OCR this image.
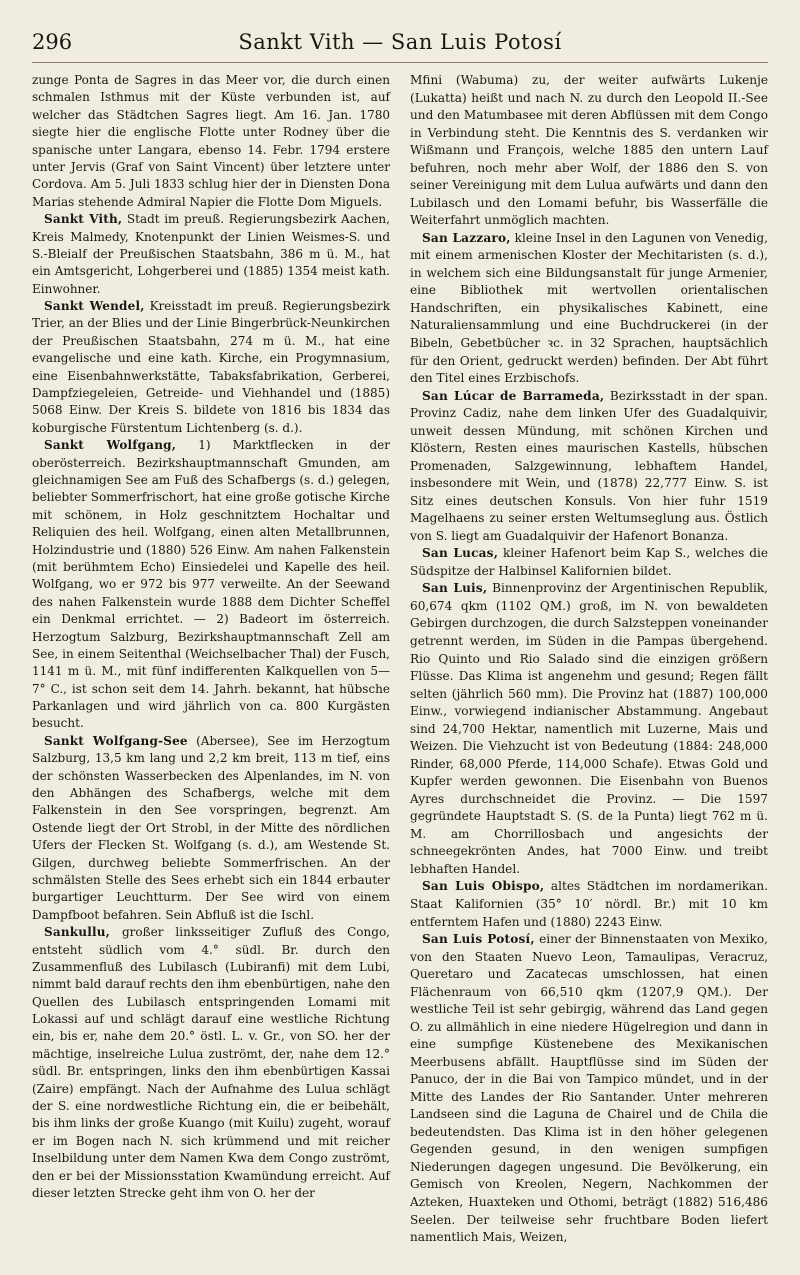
296	Sankt Vith — San Luis Potosí

zunge Ponta de Sagres in das Meer vor, die durch einen schmalen Isthmus mit der Küste verbunden ist, auf welcher das Städtchen Sagres liegt. Am 16. Jan. 1780 siegte hier die englische Flotte unter Rodney über die spanische unter Langara, ebenso 14. Febr. 1794 erstere unter Jervis (Graf von Saint Vincent) über letztere unter Cordova. Am 5. Juli 1833 schlug hier der in Diensten Dona Marias stehende Admiral Napier die Flotte Dom Miguels.

Sankt Vith, Stadt im preuß. Regierungsbezirk Aachen, Kreis Malmedy, Knotenpunkt der Linien Weismes-S. und S.-Bleialf der Preußischen Staatsbahn, 386 m ü. M., hat ein Amtsgericht, Lohgerberei und (1885) 1354 meist kath. Einwohner.

Sankt Wendel, Kreisstadt im preuß. Regierungsbezirk Trier, an der Blies und der Linie Bingerbrück-Neunkirchen der Preußischen Staatsbahn, 274 m ü. M., hat eine evangelische und eine kath. Kirche, ein Progymnasium, eine Eisenbahnwerkstätte, Tabaksfabrikation, Gerberei, Dampfziegeleien, Getreide- und Viehhandel und (1885) 5068 Einw. Der Kreis S. bildete von 1816 bis 1834 das koburgische Fürstentum Lichtenberg (s. d.).

Sankt Wolfgang, 1) Marktflecken in der oberösterreich. Bezirkshauptmannschaft Gmunden, am gleichnamigen See am Fuß des Schafbergs (s. d.) gelegen, beliebter Sommerfrischort, hat eine große gotische Kirche mit schönem, in Holz geschnitztem Hochaltar und Reliquien des heil. Wolfgang, einen alten Metallbrunnen, Holzindustrie und (1880) 526 Einw. Am nahen Falkenstein (mit berühmtem Echo) Einsiedelei und Kapelle des heil. Wolfgang, wo er 972 bis 977 verweilte. An der Seewand des nahen Falkenstein wurde 1888 dem Dichter Scheffel ein Denkmal errichtet. — 2) Badeort im österreich. Herzogtum Salzburg, Bezirkshauptmannschaft Zell am See, in einem Seitenthal (Weichselbacher Thal) der Fusch, 1141 m ü. M., mit fünf indifferenten Kalkquellen von 5—7° C., ist schon seit dem 14. Jahrh. bekannt, hat hübsche Parkanlagen und wird jährlich von ca. 800 Kurgästen besucht.

Sankt Wolfgang-See (Abersee), See im Herzogtum Salzburg, 13,5 km lang und 2,2 km breit, 113 m tief, eins der schönsten Wasserbecken des Alpenlandes, im N. von den Abhängen des Schafbergs, welche mit dem Falkenstein in den See vorspringen, begrenzt. Am Ostende liegt der Ort Strobl, in der Mitte des nördlichen Ufers der Flecken St. Wolfgang (s. d.), am Westende St. Gilgen, durchweg beliebte Sommerfrischen. An der schmälsten Stelle des Sees erhebt sich ein 1844 erbauter burgartiger Leuchtturm. Der See wird von einem Dampfboot befahren. Sein Abfluß ist die Ischl.

Sankullu, großer linksseitiger Zufluß des Congo, entsteht südlich vom 4.° südl. Br. durch den Zusammenfluß des Lubilasch (Lubiranfi) mit dem Lubi, nimmt bald darauf rechts den ihm ebenbürtigen, nahe den Quellen des Lubilasch entspringenden Lomami mit Lokassi auf und schlägt darauf eine westliche Richtung ein, bis er, nahe dem 20.° östl. L. v. Gr., von SO. her der mächtige, inselreiche Lulua zuströmt, der, nahe dem 12.° südl. Br. entspringen, links den ihm ebenbürtigen Kassai (Zaire) empfängt. Nach der Aufnahme des Lulua schlägt der S. eine nordwestliche Richtung ein, die er beibehält, bis ihm links der große Kuango (mit Kuilu) zugeht, worauf er im Bogen nach N. sich krümmend und mit reicher Inselbildung unter dem Namen Kwa dem Congo zuströmt, den er bei der Missionsstation Kwamündung erreicht. Auf dieser letzten Strecke geht ihm von O. her der

Mfini (Wabuma) zu, der weiter aufwärts Lukenje (Lukatta) heißt und nach N. zu durch den Leopold II.-See und den Matumbasee mit deren Abflüssen mit dem Congo in Verbindung steht. Die Kenntnis des S. verdanken wir Wißmann und François, welche 1885 den untern Lauf befuhren, noch mehr aber Wolf, der 1886 den S. von seiner Vereinigung mit dem Lulua aufwärts und dann den Lubilasch und den Lomami befuhr, bis Wasserfälle die Weiterfahrt unmöglich machten.

San Lazzaro, kleine Insel in den Lagunen von Venedig, mit einem armenischen Kloster der Mechitaristen (s. d.), in welchem sich eine Bildungsanstalt für junge Armenier, eine Bibliothek mit wertvollen orientalischen Handschriften, ein physikalisches Kabinett, eine Naturaliensammlung und eine Buchdruckerei (in der Bibeln, Gebetbücher ꝛc. in 32 Sprachen, hauptsächlich für den Orient, gedruckt werden) befinden. Der Abt führt den Titel eines Erzbischofs.

San Lúcar de Barrameda, Bezirksstadt in der span. Provinz Cadiz, nahe dem linken Ufer des Guadalquivir, unweit dessen Mündung, mit schönen Kirchen und Klöstern, Resten eines maurischen Kastells, hübschen Promenaden, Salzgewinnung, lebhaftem Handel, insbesondere mit Wein, und (1878) 22,777 Einw. S. ist Sitz eines deutschen Konsuls. Von hier fuhr 1519 Magelhaens zu seiner ersten Weltumseglung aus. Östlich von S. liegt am Guadalquivir der Hafenort Bonanza.

San Lucas, kleiner Hafenort beim Kap S., welches die Südspitze der Halbinsel Kalifornien bildet.

San Luis, Binnenprovinz der Argentinischen Republik, 60,674 qkm (1102 QM.) groß, im N. von bewaldeten Gebirgen durchzogen, die durch Salzsteppen voneinander getrennt werden, im Süden in die Pampas übergehend. Rio Quinto und Rio Salado sind die einzigen größern Flüsse. Das Klima ist angenehm und gesund; Regen fällt selten (jährlich 560 mm). Die Provinz hat (1887) 100,000 Einw., vorwiegend indianischer Abstammung. Angebaut sind 24,700 Hektar, namentlich mit Luzerne, Mais und Weizen. Die Viehzucht ist von Bedeutung (1884: 248,000 Rinder, 68,000 Pferde, 114,000 Schafe). Etwas Gold und Kupfer werden gewonnen. Die Eisenbahn von Buenos Ayres durchschneidet die Provinz. — Die 1597 gegründete Hauptstadt S. (S. de la Punta) liegt 762 m ü. M. am Chorrillosbach und angesichts der schneegekrönten Andes, hat 7000 Einw. und treibt lebhaften Handel.

San Luis Obispo, altes Städtchen im nordamerikan. Staat Kalifornien (35° 10′ nördl. Br.) mit 10 km entferntem Hafen und (1880) 2243 Einw.

San Luis Potosí, einer der Binnenstaaten von Mexiko, von den Staaten Nuevo Leon, Tamaulipas, Veracruz, Queretaro und Zacatecas umschlossen, hat einen Flächenraum von 66,510 qkm (1207,9 QM.). Der westliche Teil ist sehr gebirgig, während das Land gegen O. zu allmählich in eine niedere Hügelregion und dann in eine sumpfige Küstenebene des Mexikanischen Meerbusens abfällt. Hauptflüsse sind im Süden der Panuco, der in die Bai von Tampico mündet, und in der Mitte des Landes der Rio Santander. Unter mehreren Landseen sind die Laguna de Chairel und de Chila die bedeutendsten. Das Klima ist in den höher gelegenen Gegenden gesund, in den wenigen sumpfigen Niederungen dagegen ungesund. Die Bevölkerung, ein Gemisch von Kreolen, Negern, Nachkommen der Azteken, Huaxteken und Othomi, beträgt (1882) 516,486 Seelen. Der teilweise sehr fruchtbare Boden liefert namentlich Mais, Weizen,
